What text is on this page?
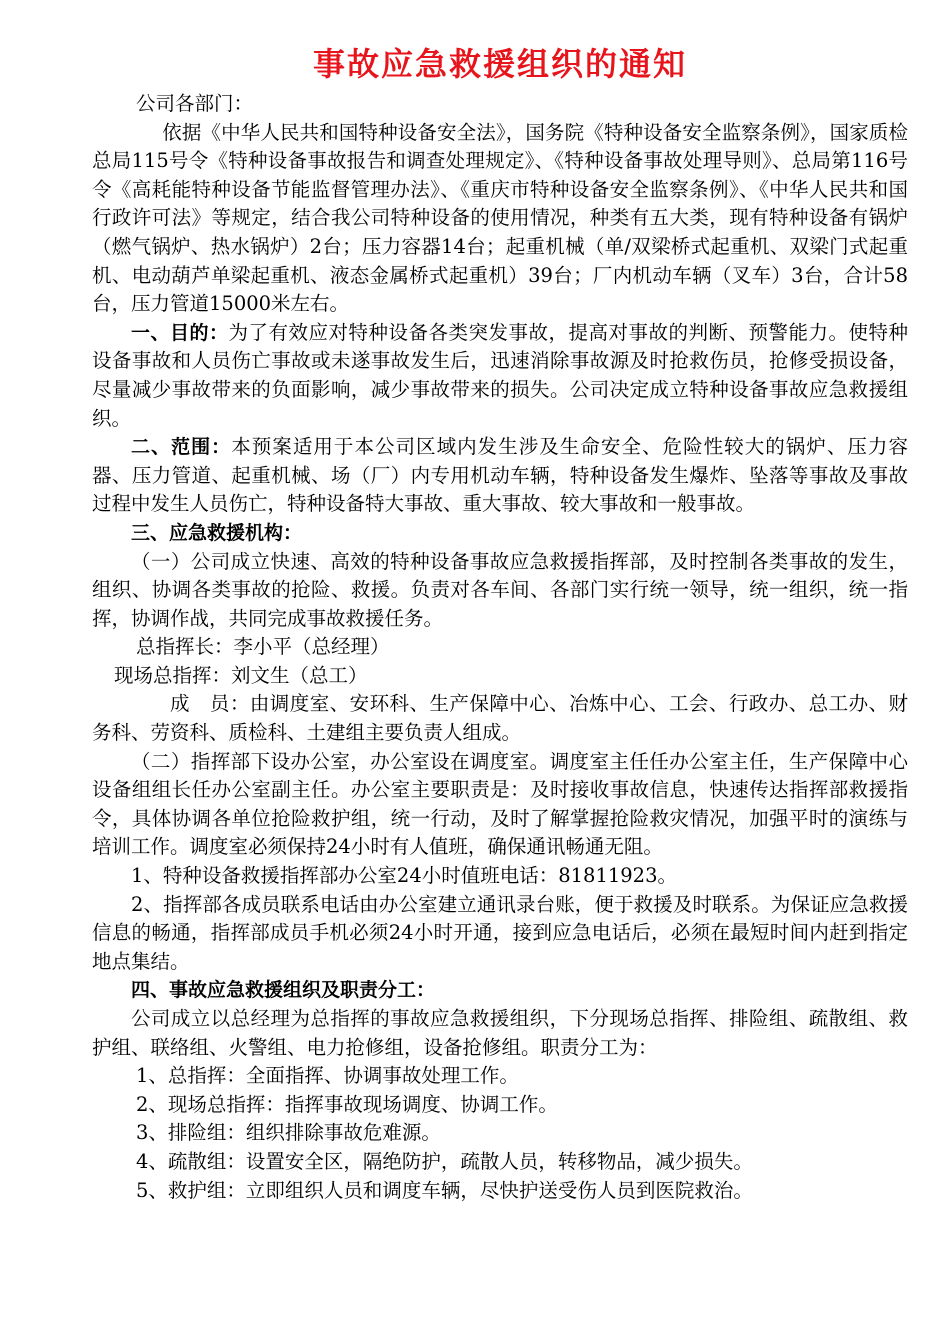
事故应急救援组织的通知

公司各部门：

依据《中华人民共和国特种设备安全法》，国务院《特种设备安全监察条例》，国家质检总局115号令《特种设备事故报告和调查处理规定》、《特种设备事故处理导则》、总局第116号令《高耗能特种设备节能监督管理办法》、《重庆市特种设备安全监察条例》、《中华人民共和国行政许可法》等规定，结合我公司特种设备的使用情况，种类有五大类，现有特种设备有锅炉（燃气锅炉、热水锅炉）2台；压力容器14台；起重机械（单/双梁桥式起重机、双梁门式起重机、电动葫芦单梁起重机、液态金属桥式起重机）39台；厂内机动车辆（叉车）3台，合计58台，压力管道15000米左右。

一、目的：为了有效应对特种设备各类突发事故，提高对事故的判断、预警能力。使特种设备事故和人员伤亡事故或未遂事故发生后，迅速消除事故源及时抢救伤员，抢修受损设备，尽量减少事故带来的负面影响，减少事故带来的损失。公司决定成立特种设备事故应急救援组织。

二、范围：本预案适用于本公司区域内发生涉及生命安全、危险性较大的锅炉、压力容器、压力管道、起重机械、场（厂）内专用机动车辆，特种设备发生爆炸、坠落等事故及事故过程中发生人员伤亡，特种设备特大事故、重大事故、较大事故和一般事故。

三、应急救援机构：

（一）公司成立快速、高效的特种设备事故应急救援指挥部，及时控制各类事故的发生，组织、协调各类事故的抢险、救援。负责对各车间、各部门实行统一领导，统一组织，统一指挥，协调作战，共同完成事故救援任务。

总指挥长：李小平（总经理）

现场总指挥：刘文生（总工）

成　员：由调度室、安环科、生产保障中心、冶炼中心、工会、行政办、总工办、财务科、劳资科、质检科、土建组主要负责人组成。

（二）指挥部下设办公室，办公室设在调度室。调度室主任任办公室主任，生产保障中心设备组组长任办公室副主任。办公室主要职责是：及时接收事故信息，快速传达指挥部救援指令，具体协调各单位抢险救护组，统一行动，及时了解掌握抢险救灾情况，加强平时的演练与培训工作。调度室必须保持24小时有人值班，确保通讯畅通无阻。

1、特种设备救援指挥部办公室24小时值班电话：81811923。

2、指挥部各成员联系电话由办公室建立通讯录台账，便于救援及时联系。为保证应急救援信息的畅通，指挥部成员手机必须24小时开通，接到应急电话后，必须在最短时间内赶到指定地点集结。

四、事故应急救援组织及职责分工：

公司成立以总经理为总指挥的事故应急救援组织，下分现场总指挥、排险组、疏散组、救护组、联络组、火警组、电力抢修组，设备抢修组。职责分工为：

1、总指挥：全面指挥、协调事故处理工作。

2、现场总指挥：指挥事故现场调度、协调工作。

3、排险组：组织排除事故危难源。

4、疏散组：设置安全区，隔绝防护，疏散人员，转移物品，减少损失。

5、救护组：立即组织人员和调度车辆，尽快护送受伤人员到医院救治。
